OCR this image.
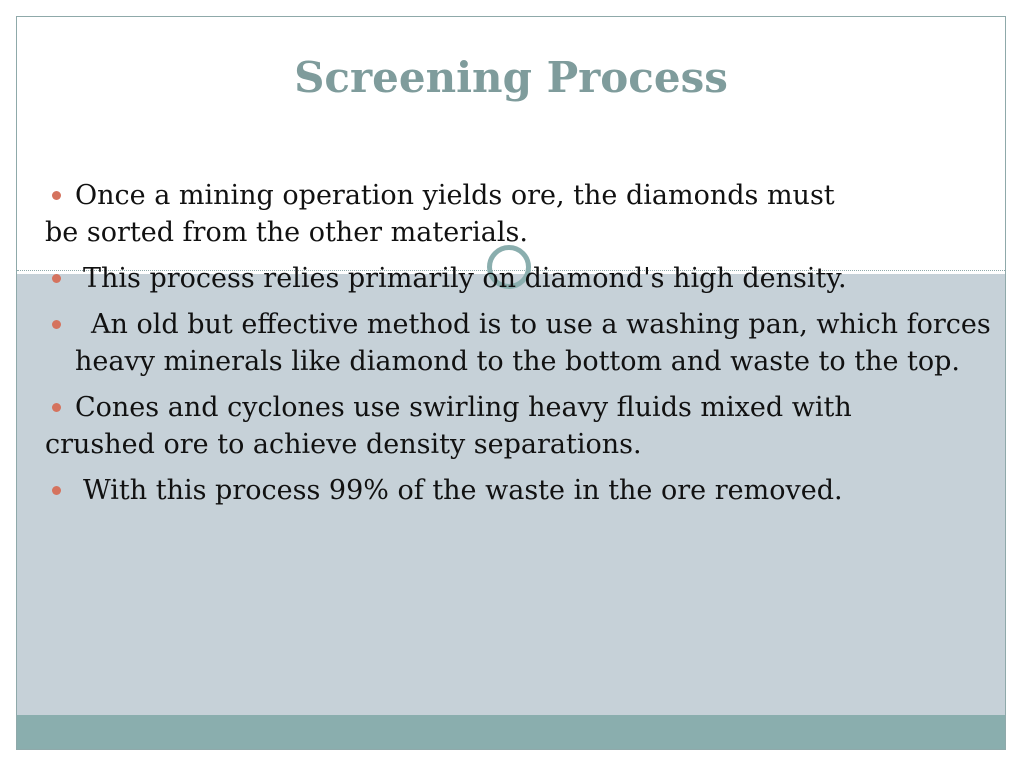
Screening Process
Once a mining operation yields ore, the diamonds must
be sorted from the other materials.
This process relies primarily on diamond's high density.
An old but effective method is to use a washing pan, which forces heavy minerals like diamond to the bottom and waste to the top.
Cones and cyclones use swirling heavy fluids mixed with
crushed ore to achieve density separations.
With this process 99% of the waste in the ore removed.
